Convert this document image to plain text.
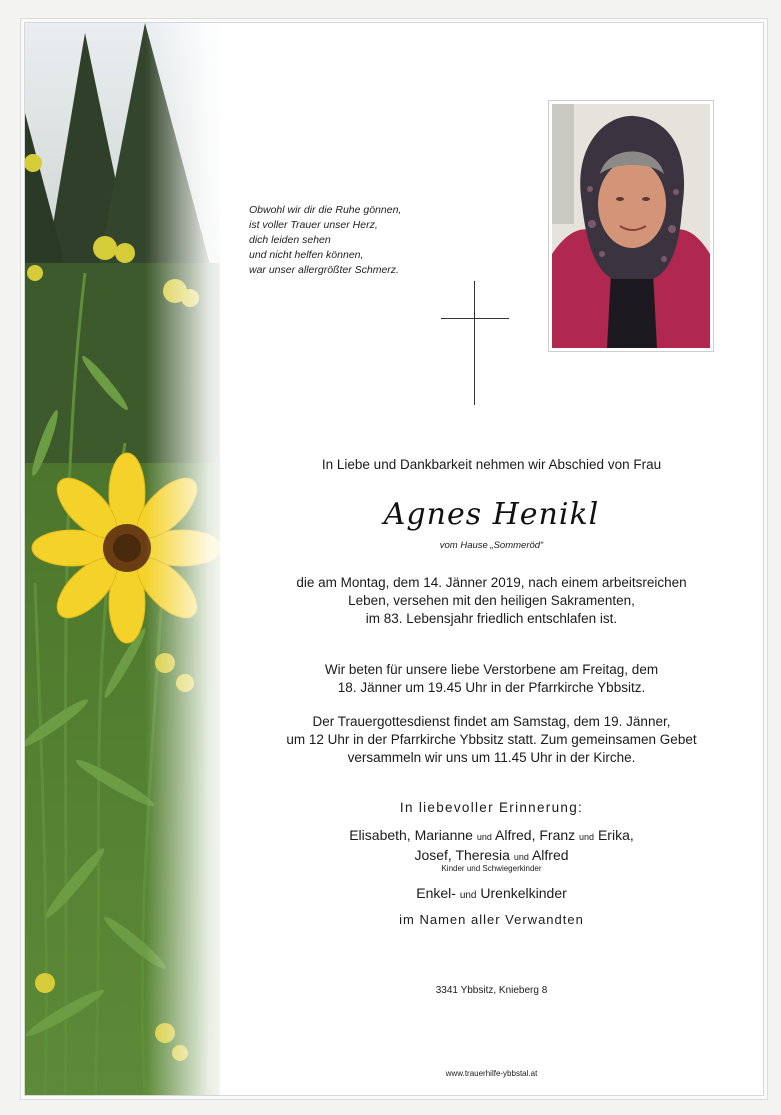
Obwohl wir dir die Ruhe gönnen,
ist voller Trauer unser Herz,
dich leiden sehen
und nicht helfen können,
war unser allergrößter Schmerz.
In Liebe und Dankbarkeit nehmen wir Abschied von Frau
Agnes Henikl
vom Hause „Sommeröd“
die am Montag, dem 14. Jänner 2019, nach einem arbeitsreichen
Leben, versehen mit den heiligen Sakramenten,
im 83. Lebensjahr friedlich entschlafen ist.
Wir beten für unsere liebe Verstorbene am Freitag, dem
18. Jänner um 19.45 Uhr in der Pfarrkirche Ybbsitz.
Der Trauergottesdienst findet am Samstag, dem 19. Jänner,
um 12 Uhr in der Pfarrkirche Ybbsitz statt. Zum gemeinsamen Gebet
versammeln wir uns um 11.45 Uhr in der Kirche.
In liebevoller Erinnerung:
Elisabeth, Marianne und Alfred, Franz und Erika,
Josef, Theresia und Alfred
Kinder und Schwiegerkinder
Enkel- und Urenkelkinder
im Namen aller Verwandten
3341 Ybbsitz, Knieberg 8
www.trauerhilfe-ybbstal.at
